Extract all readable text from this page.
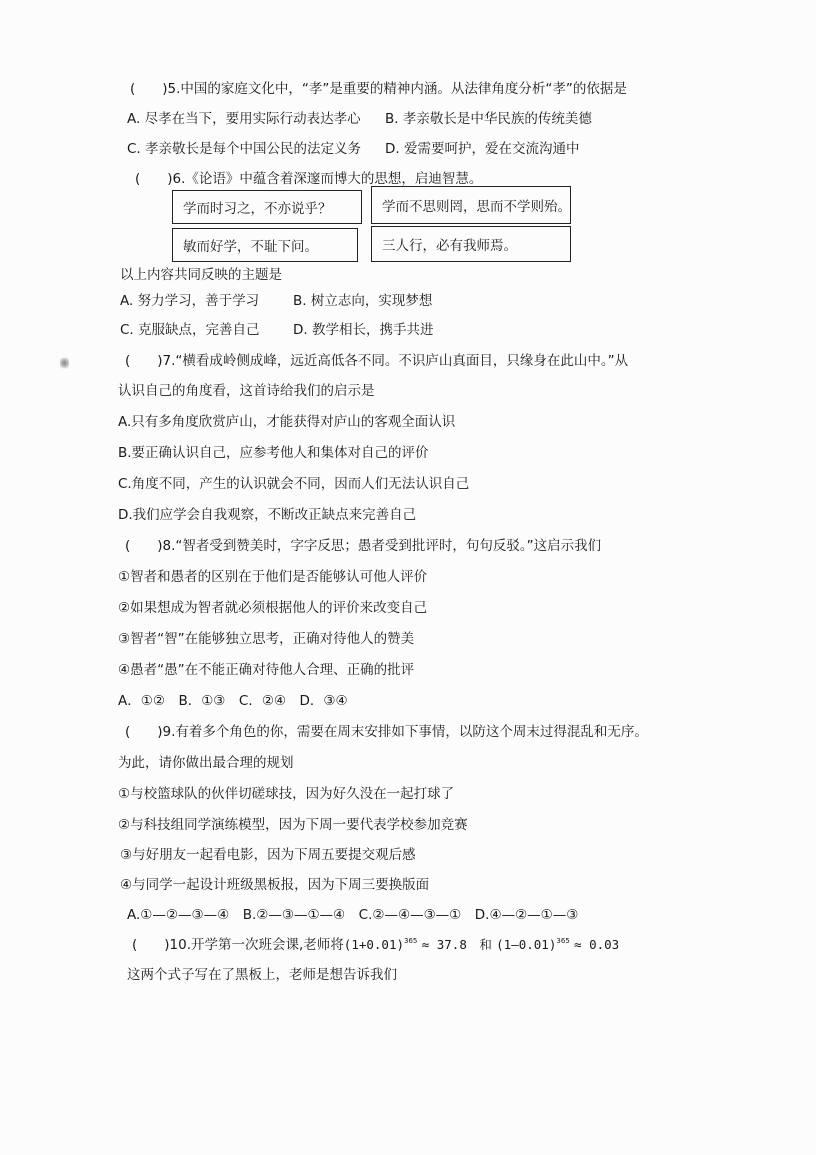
(　　)5.中国的家庭文化中，“孝”是重要的精神内涵。从法律角度分析“孝”的依据是
A. 尽孝在当下，要用实际行动表达孝心 B. 孝亲敬长是中华民族的传统美德
C. 孝亲敬长是每个中国公民的法定义务 D. 爱需要呵护，爱在交流沟通中
(　　)6.《论语》中蕴含着深邃而博大的思想，启迪智慧。
学而时习之，不亦说乎？	学而不思则罔，思而不学则殆。
敏而好学，不耻下问。	三人行，必有我师焉。
以上内容共同反映的主题是
A. 努力学习，善于学习	B. 树立志向，实现梦想
C. 克服缺点，完善自己 D. 教学相长，携手共进
(　　)7.“横看成岭侧成峰，远近高低各不同。不识庐山真面目，只缘身在此山中。”从
认识自己的角度看，这首诗给我们的启示是
A.只有多角度欣赏庐山，才能获得对庐山的客观全面认识
B.要正确认识自己，应参考他人和集体对自己的评价
C.角度不同，产生的认识就会不同，因而人们无法认识自己
D.我们应学会自我观察，不断改正缺点来完善自己
(　　)8.“智者受到赞美时，字字反思；愚者受到批评时，句句反驳。”这启示我们
①智者和愚者的区别在于他们是否能够认可他人评价
②如果想成为智者就必须根据他人的评价来改变自己
③智者“智”在能够独立思考，正确对待他人的赞美
④愚者“愚”在不能正确对待他人合理、正确的批评
A．①②　B．①③　C．②④　D．③④
(　　)9.有着多个角色的你，需要在周末安排如下事情，以防这个周末过得混乱和无序。
为此，请你做出最合理的规划
①与校篮球队的伙伴切磋球技，因为好久没在一起打球了
②与科技组同学演练模型，因为下周一要代表学校参加竞赛
③与好朋友一起看电影，因为下周五要提交观后感
④与同学一起设计班级黑板报，因为下周三要换版面
A.①—②—③—④　B.②—③—①—④　C.②—④—③—①　D.④—②—①—③
(　　)10.开学第一次班会课,老师将$(1+0.01)^{365} \approx 37.8$　和 (1—0.01)$^{365}$ ≈ 0.03
这两个式子写在了黑板上，老师是想告诉我们
